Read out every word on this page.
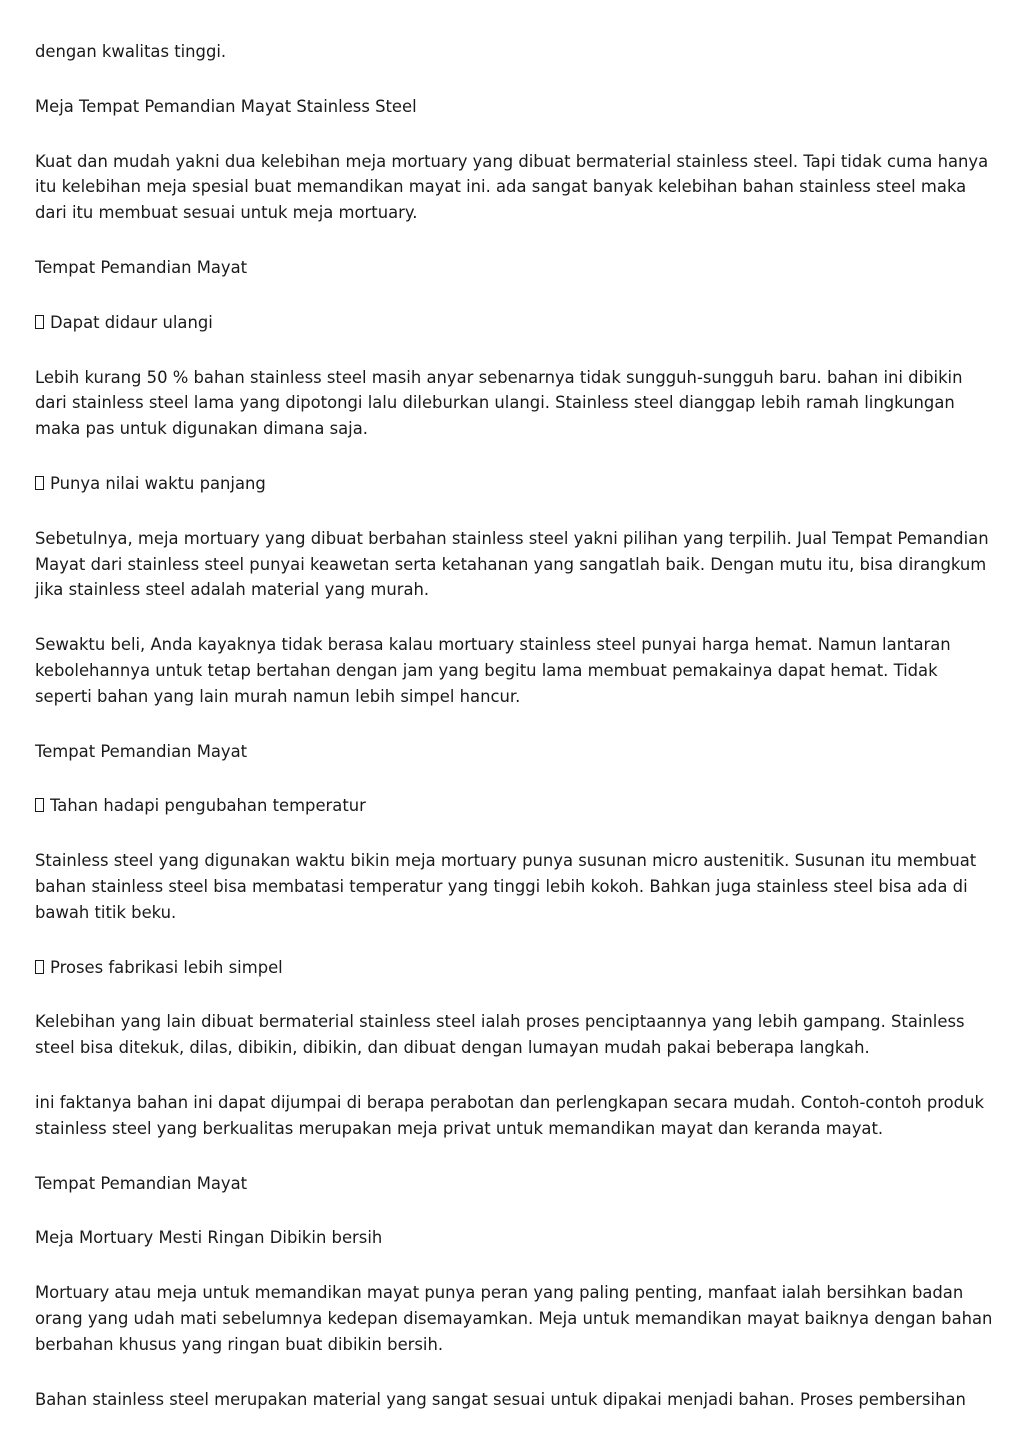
dengan kwalitas tinggi.

Meja Tempat Pemandian Mayat Stainless Steel

Kuat dan mudah yakni dua kelebihan meja mortuary yang dibuat bermaterial stainless steel. Tapi tidak cuma hanya itu kelebihan meja spesial buat memandikan mayat ini. ada sangat banyak kelebihan bahan stainless steel maka dari itu membuat sesuai untuk meja mortuary.

Tempat Pemandian Mayat

Dapat didaur ulangi

Lebih kurang 50 % bahan stainless steel masih anyar sebenarnya tidak sungguh-sungguh baru. bahan ini dibikin dari stainless steel lama yang dipotongi lalu dileburkan ulangi. Stainless steel dianggap lebih ramah lingkungan maka pas untuk digunakan dimana saja.

Punya nilai waktu panjang

Sebetulnya, meja mortuary yang dibuat berbahan stainless steel yakni pilihan yang terpilih. Jual Tempat Pemandian Mayat dari stainless steel punyai keawetan serta ketahanan yang sangatlah baik. Dengan mutu itu, bisa dirangkum jika stainless steel adalah material yang murah.

Sewaktu beli, Anda kayaknya tidak berasa kalau mortuary stainless steel punyai harga hemat. Namun lantaran kebolehannya untuk tetap bertahan dengan jam yang begitu lama membuat pemakainya dapat hemat. Tidak seperti bahan yang lain murah namun lebih simpel hancur.

Tempat Pemandian Mayat

Tahan hadapi pengubahan temperatur

Stainless steel yang digunakan waktu bikin meja mortuary punya susunan micro austenitik. Susunan itu membuat bahan stainless steel bisa membatasi temperatur yang tinggi lebih kokoh. Bahkan juga stainless steel bisa ada di bawah titik beku.

Proses fabrikasi lebih simpel

Kelebihan yang lain dibuat bermaterial stainless steel ialah proses penciptaannya yang lebih gampang. Stainless steel bisa ditekuk, dilas, dibikin, dibikin, dan dibuat dengan lumayan mudah pakai beberapa langkah.

ini faktanya bahan ini dapat dijumpai di berapa perabotan dan perlengkapan secara mudah. Contoh-contoh produk stainless steel yang berkualitas merupakan meja privat untuk memandikan mayat dan keranda mayat.

Tempat Pemandian Mayat

Meja Mortuary Mesti Ringan Dibikin bersih

Mortuary atau meja untuk memandikan mayat punya peran yang paling penting, manfaat ialah bersihkan badan orang yang udah mati sebelumnya kedepan disemayamkan. Meja untuk memandikan mayat baiknya dengan bahan berbahan khusus yang ringan buat dibikin bersih.

Bahan stainless steel merupakan material yang sangat sesuai untuk dipakai menjadi bahan. Proses pembersihan
